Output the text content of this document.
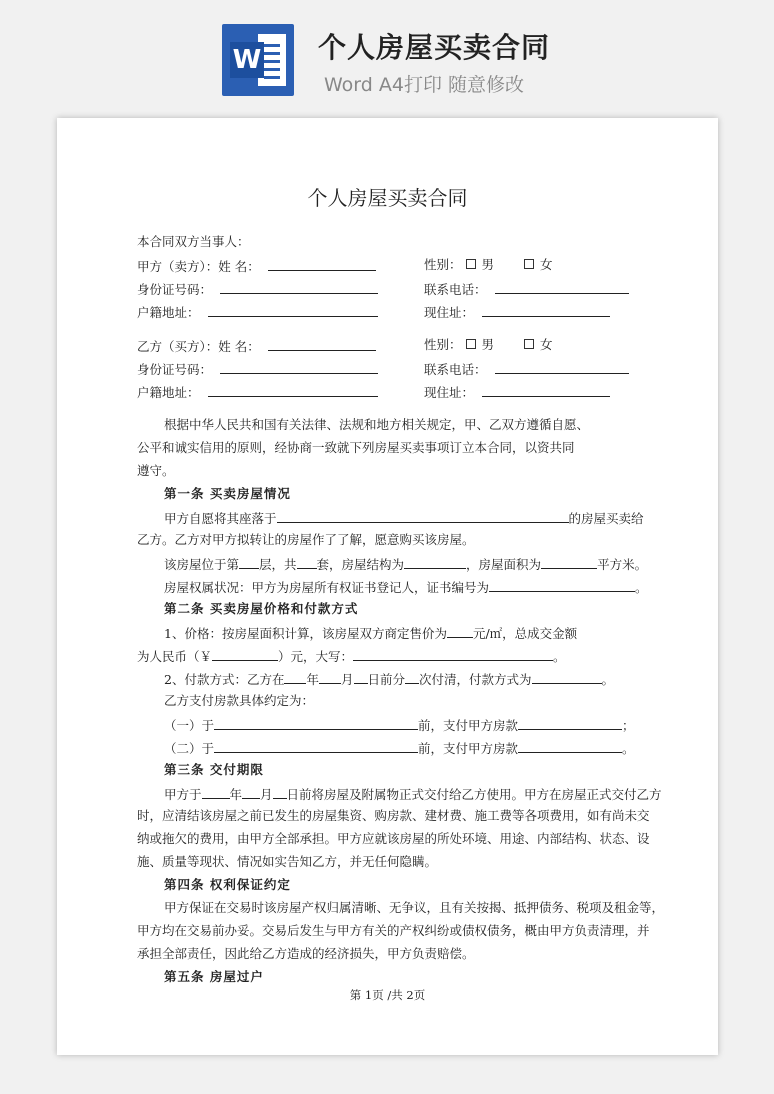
W 个人房屋买卖合同
Word A4打印 随意修改
个人房屋买卖合同
本合同双方当事人：
甲方（卖方）：姓 名：	性别： 男	女
身份证号码：	联系电话：
户籍地址：	现住址：
乙方（买方）：姓 名：	性别： 男	女
身份证号码：	联系电话：
户籍地址：	现住址：
根据中华人民共和国有关法律、法规和地方相关规定，甲、乙双方遵循自愿、
公平和诚实信用的原则，经协商一致就下列房屋买卖事项订立本合同，以资共同
遵守。
第一条 买卖房屋情况
甲方自愿将其座落于	的房屋买卖给
乙方。乙方对甲方拟转让的房屋作了了解，愿意购买该房屋。
该房屋位于第 层，共 套，房屋结构为	，房屋面积为	平方米。
房屋权属状况：甲方为房屋所有权证书登记人，证书编号为	。
第二条 买卖房屋价格和付款方式
1、价格：按房屋面积计算，该房屋双方商定售价为 元/㎡，总成交金额
为人民币（￥	）元，大写：	。
2、付款方式：乙方在 年 月 日前分 次付清，付款方式为	。
乙方支付房款具体约定为：
（一）于	前，支付甲方房款	；
（二）于	前，支付甲方房款	。
第三条 交付期限
甲方于 年 月 日前将房屋及附属物正式交付给乙方使用。甲方在房屋正式交付乙方
时，应清结该房屋之前已发生的房屋集资、购房款、建材费、施工费等各项费用，如有尚未交
纳或拖欠的费用，由甲方全部承担。甲方应就该房屋的所处环境、用途、内部结构、状态、设
施、质量等现状、情况如实告知乙方，并无任何隐瞒。
第四条 权利保证约定
甲方保证在交易时该房屋产权归属清晰、无争议，且有关按揭、抵押债务、税项及租金等，
甲方均在交易前办妥。交易后发生与甲方有关的产权纠纷或债权债务，概由甲方负责清理，并
承担全部责任，因此给乙方造成的经济损失，甲方负责赔偿。
第五条 房屋过户
第 1页 /共 2页
